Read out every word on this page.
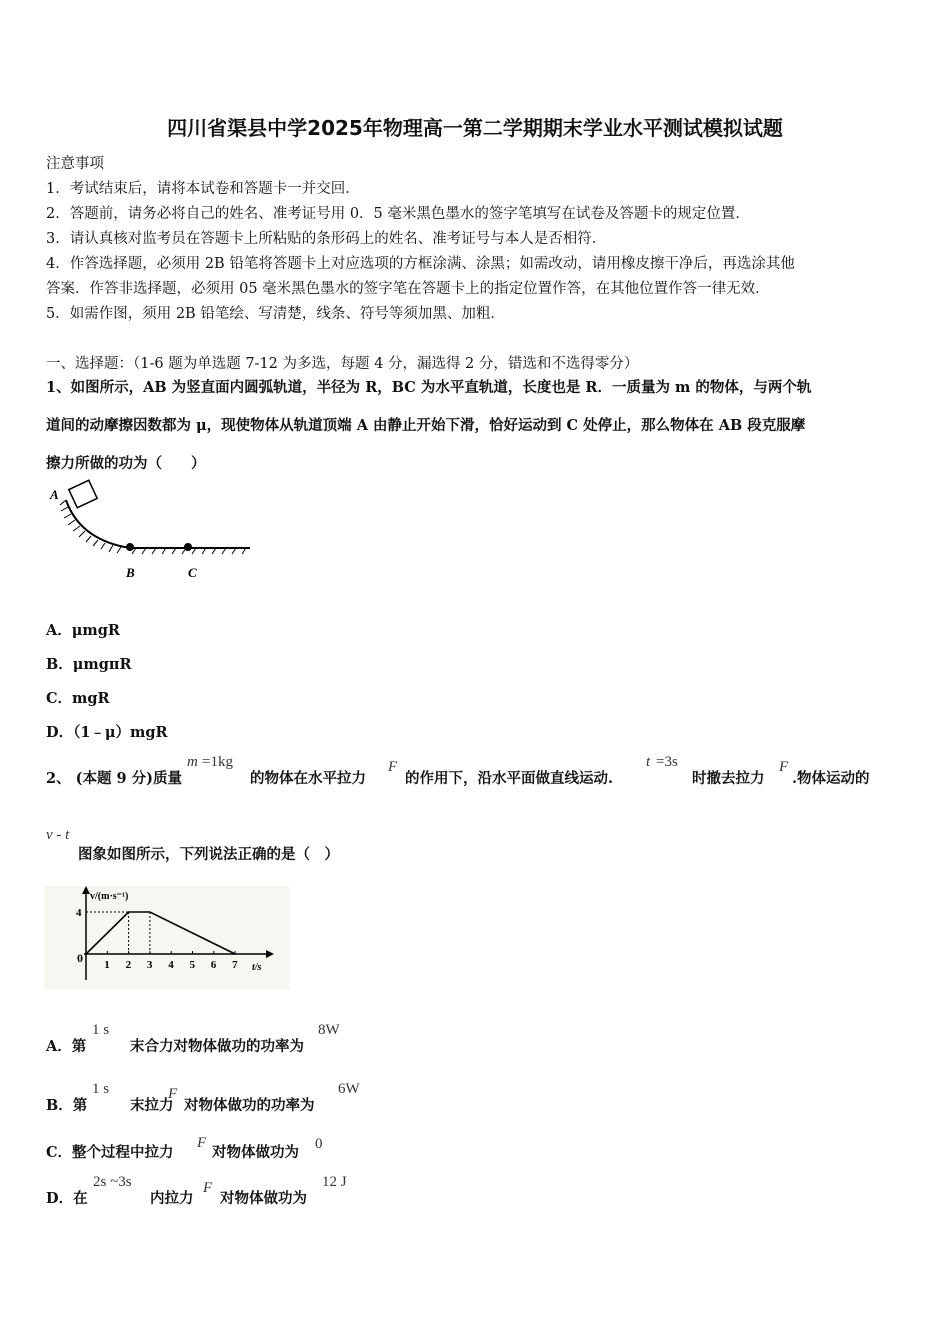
四川省渠县中学2025年物理高一第二学期期末学业水平测试模拟试题
注意事项
1．考试结束后，请将本试卷和答题卡一并交回．
2．答题前，请务必将自己的姓名、准考证号用 0．5 毫米黑色墨水的签字笔填写在试卷及答题卡的规定位置．
3．请认真核对监考员在答题卡上所粘贴的条形码上的姓名、准考证号与本人是否相符．
4．作答选择题，必须用 2B 铅笔将答题卡上对应选项的方框涂满、涂黑；如需改动，请用橡皮擦干净后，再选涂其他
答案．作答非选择题，必须用 05 毫米黑色墨水的签字笔在答题卡上的指定位置作答，在其他位置作答一律无效．
5．如需作图，须用 2B 铅笔绘、写清楚，线条、符号等须加黑、加粗．
一、选择题：（1-6 题为单选题 7-12 为多选，每题 4 分，漏选得 2 分，错选和不选得零分）
1、如图所示，AB 为竖直面内圆弧轨道，半径为 R，BC 为水平直轨道，长度也是 R．一质量为 m 的物体，与两个轨
道间的动摩擦因数都为 μ，现使物体从轨道顶端 A 由静止开始下滑，恰好运动到 C 处停止，那么物体在 AB 段克服摩
擦力所做的功为（　　）
A
B	C
A．μmgR
B．μmgπR
C．mgR
D．（1﹣μ）mgR
2、 (本题 9 分)质量
m =1kg
的物体在水平拉力
F
的作用下，沿水平面做直线运动.
t =3s
时撤去拉力
F
.物体运动的
v - t
图象如图所示，下列说法正确的是（　）
v/(m·s⁻¹)
t/s
0 1 2 3 4 5 6 7
4
A．第
1 s
末合力对物体做功的功率为
8W
B．第
1 s
末拉力
F
对物体做功的功率为
6W
C．整个过程中拉力
F
对物体做功为 0
D．在
2s ~3s
内拉力
F
对物体做功为
12 J
